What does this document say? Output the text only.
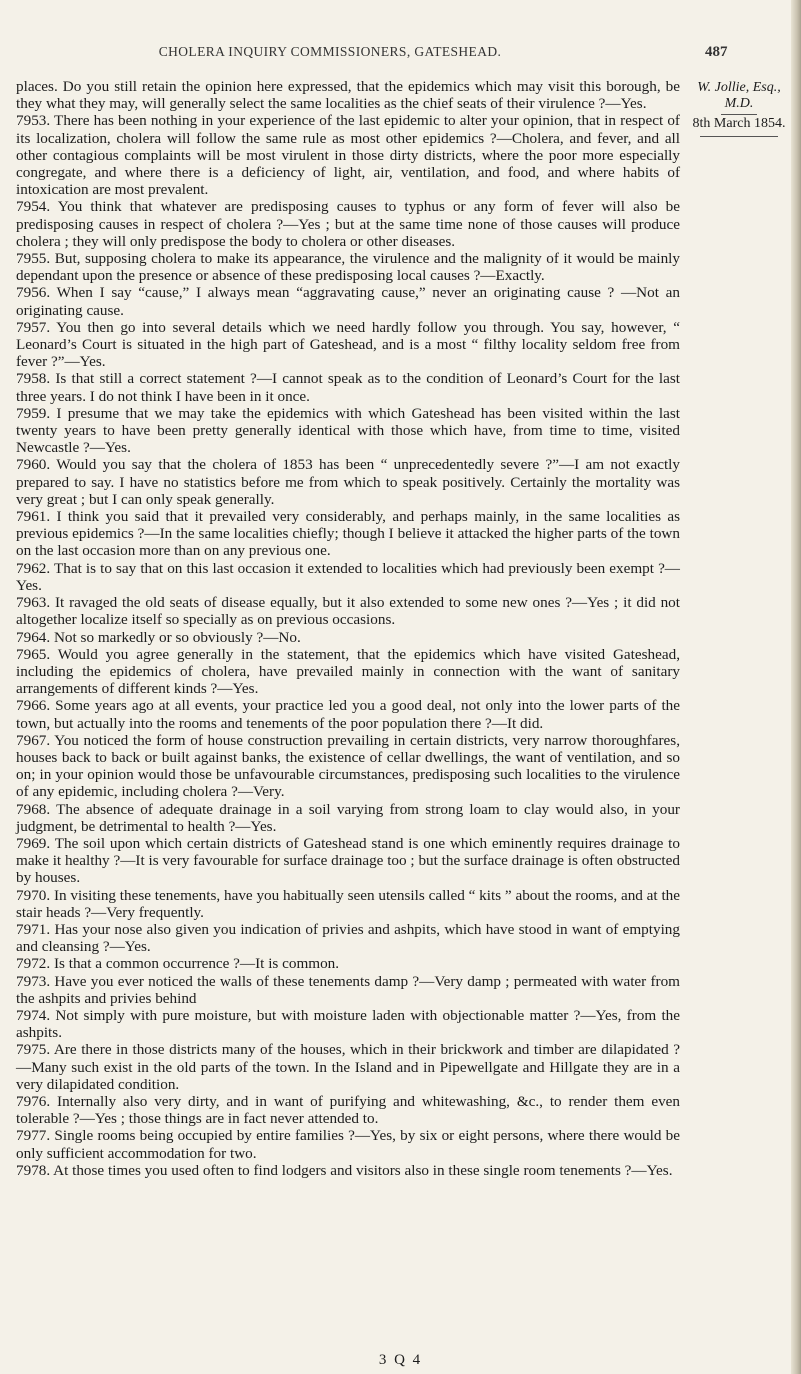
CHOLERA INQUIRY COMMISSIONERS, GATESHEAD.	487
W. Jollie, Esq., M.D.
8th March 1854.

places. Do you still retain the opinion here expressed, that the epidemics which may visit this borough, be they what they may, will generally select the same localities as the chief seats of their virulence ?—Yes.

7953. There has been nothing in your experience of the last epidemic to alter your opinion, that in respect of its localization, cholera will follow the same rule as most other epidemics ?—Cholera, and fever, and all other contagious complaints will be most virulent in those dirty districts, where the poor more especially congregate, and where there is a deficiency of light, air, ventilation, and food, and where habits of intoxication are most prevalent.

7954. You think that whatever are predisposing causes to typhus or any form of fever will also be predisposing causes in respect of cholera ?—Yes ; but at the same time none of those causes will produce cholera ; they will only predispose the body to cholera or other diseases.

7955. But, supposing cholera to make its appearance, the virulence and the malignity of it would be mainly dependant upon the presence or absence of these predisposing local causes ?—Exactly.

7956. When I say “cause,” I always mean “aggravating cause,” never an originating cause ? —Not an originating cause.

7957. You then go into several details which we need hardly follow you through. You say, however, “ Leonard’s Court is situated in the high part of Gateshead, and is a most “ filthy locality seldom free from fever ?”—Yes.

7958. Is that still a correct statement ?—I cannot speak as to the condition of Leonard’s Court for the last three years. I do not think I have been in it once.

7959. I presume that we may take the epidemics with which Gateshead has been visited within the last twenty years to have been pretty generally identical with those which have, from time to time, visited Newcastle ?—Yes.

7960. Would you say that the cholera of 1853 has been “ unprecedentedly severe ?”—I am not exactly prepared to say. I have no statistics before me from which to speak positively. Certainly the mortality was very great ; but I can only speak generally.

7961. I think you said that it prevailed very considerably, and perhaps mainly, in the same localities as previous epidemics ?—In the same localities chiefly; though I believe it attacked the higher parts of the town on the last occasion more than on any previous one.

7962. That is to say that on this last occasion it extended to localities which had previously been exempt ?—Yes.

7963. It ravaged the old seats of disease equally, but it also extended to some new ones ?—Yes ; it did not altogether localize itself so specially as on previous occasions.

7964. Not so markedly or so obviously ?—No.

7965. Would you agree generally in the statement, that the epidemics which have visited Gateshead, including the epidemics of cholera, have prevailed mainly in connection with the want of sanitary arrangements of different kinds ?—Yes.

7966. Some years ago at all events, your practice led you a good deal, not only into the lower parts of the town, but actually into the rooms and tenements of the poor population there ?—It did.

7967. You noticed the form of house construction prevailing in certain districts, very narrow thoroughfares, houses back to back or built against banks, the existence of cellar dwellings, the want of ventilation, and so on; in your opinion would those be unfavourable circumstances, predisposing such localities to the virulence of any epidemic, including cholera ?—Very.

7968. The absence of adequate drainage in a soil varying from strong loam to clay would also, in your judgment, be detrimental to health ?—Yes.

7969. The soil upon which certain districts of Gateshead stand is one which eminently requires drainage to make it healthy ?—It is very favourable for surface drainage too ; but the surface drainage is often obstructed by houses.

7970. In visiting these tenements, have you habitually seen utensils called “ kits ” about the rooms, and at the stair heads ?—Very frequently.

7971. Has your nose also given you indication of privies and ashpits, which have stood in want of emptying and cleansing ?—Yes.

7972. Is that a common occurrence ?—It is common.

7973. Have you ever noticed the walls of these tenements damp ?—Very damp ; permeated with water from the ashpits and privies behind

7974. Not simply with pure moisture, but with moisture laden with objectionable matter ?—Yes, from the ashpits.

7975. Are there in those districts many of the houses, which in their brickwork and timber are dilapidated ?—Many such exist in the old parts of the town. In the Island and in Pipewellgate and Hillgate they are in a very dilapidated condition.

7976. Internally also very dirty, and in want of purifying and whitewashing, &c., to render them even tolerable ?—Yes ; those things are in fact never attended to.

7977. Single rooms being occupied by entire families ?—Yes, by six or eight persons, where there would be only sufficient accommodation for two.

7978. At those times you used often to find lodgers and visitors also in these single room tenements ?—Yes.

3 Q 4
